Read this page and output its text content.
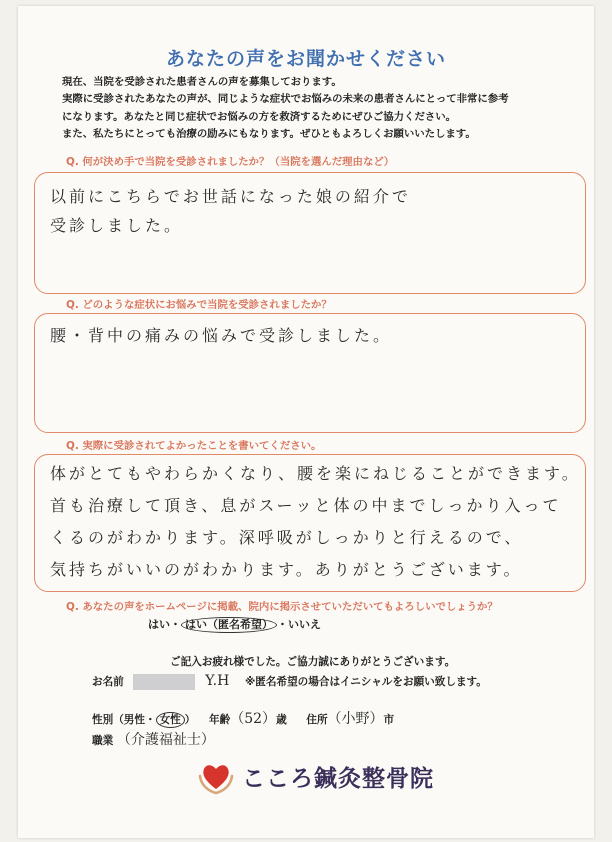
あなたの声をお聞かせください
現在、当院を受診された患者さんの声を募集しております。
実際に受診されたあなたの声が、同じような症状でお悩みの未来の患者さんにとって非常に参考
になります。あなたと同じ症状でお悩みの方を救済するためにぜひご協力ください。
また、私たちにとっても治療の励みにもなります。ぜひともよろしくお願いいたします。
Q. 何が決め手で当院を受診されましたか？（当院を選んだ理由など）
以前にこちらでお世話になった娘の紹介で
受診しました。
Q. どのような症状にお悩みで当院を受診されましたか？
腰・背中の痛みの悩みで受診しました。
Q. 実際に受診されてよかったことを書いてください。
体がとてもやわらかくなり、腰を楽にねじることができます。
首も治療して頂き、息がスーッと体の中までしっかり入って
くるのがわかります。深呼吸がしっかりと行えるので、
気持ちがいいのがわかります。ありがとうございます。
Q. あなたの声をホームページに掲載、院内に掲示させていただいてもよろしいでしょうか？
はい・ はい（匿名希望） ・いいえ
ご記入お疲れ様でした。ご協力誠にありがとうございます。
お名前	Y.H ※匿名希望の場合はイニシャルをお願い致します。
性別（男性・ 女性 ） 年齢（52）歳 住所（小野）市
職業 （介護福祉士）
こころ鍼灸整骨院
